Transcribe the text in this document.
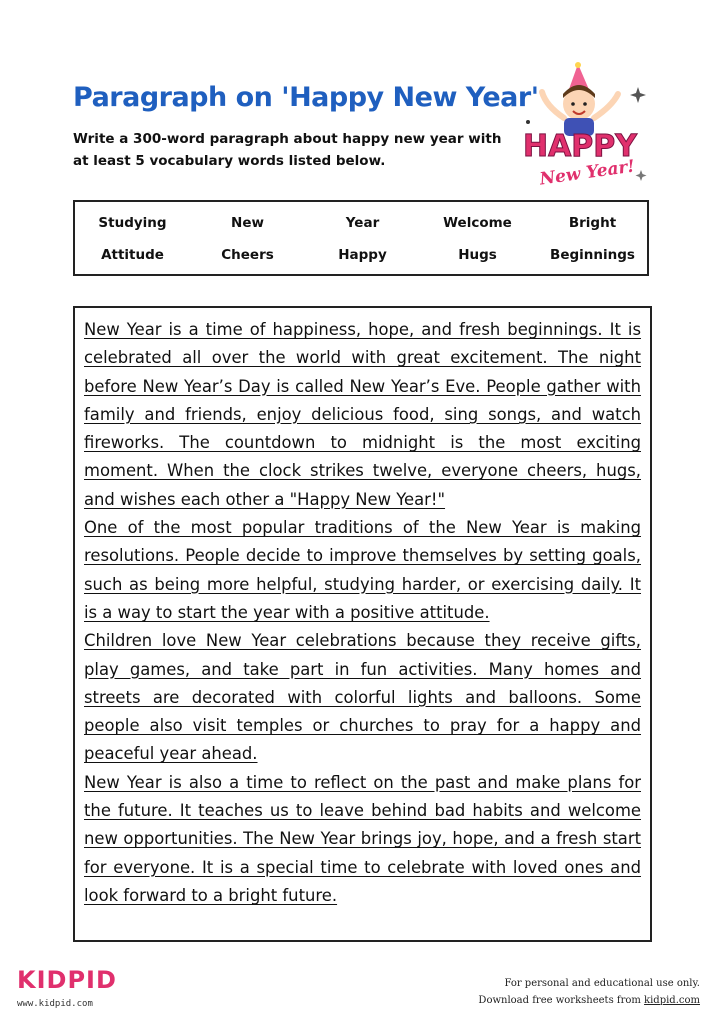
Paragraph on 'Happy New Year'
Write a 300-word paragraph about happy new year with at least 5 vocabulary words listed below.	HAPPY
New Year!
Studying	New	Year	Welcome	Bright
Attitude	Cheers	Happy	Hugs	Beginnings

New Year is a time of happiness, hope, and fresh beginnings. It is celebrated all over the world with great excitement. The night before New Year’s Day is called New Year’s Eve. People gather with family and friends, enjoy delicious food, sing songs, and watch fireworks. The countdown to midnight is the most exciting moment. When the clock strikes twelve, everyone cheers, hugs, and wishes each other a "Happy New Year!"

One of the most popular traditions of the New Year is making resolutions. People decide to improve themselves by setting goals, such as being more helpful, studying harder, or exercising daily. It is a way to start the year with a positive attitude.

Children love New Year celebrations because they receive gifts, play games, and take part in fun activities. Many homes and streets are decorated with colorful lights and balloons. Some people also visit temples or churches to pray for a happy and peaceful year ahead.

New Year is also a time to reflect on the past and make plans for the future. It teaches us to leave behind bad habits and welcome new opportunities. The New Year brings joy, hope, and a fresh start for everyone. It is a special time to celebrate with loved ones and look forward to a bright future.

KIDPID
www.kidpid.com
For personal and educational use only.
Download free worksheets from kidpid.com
